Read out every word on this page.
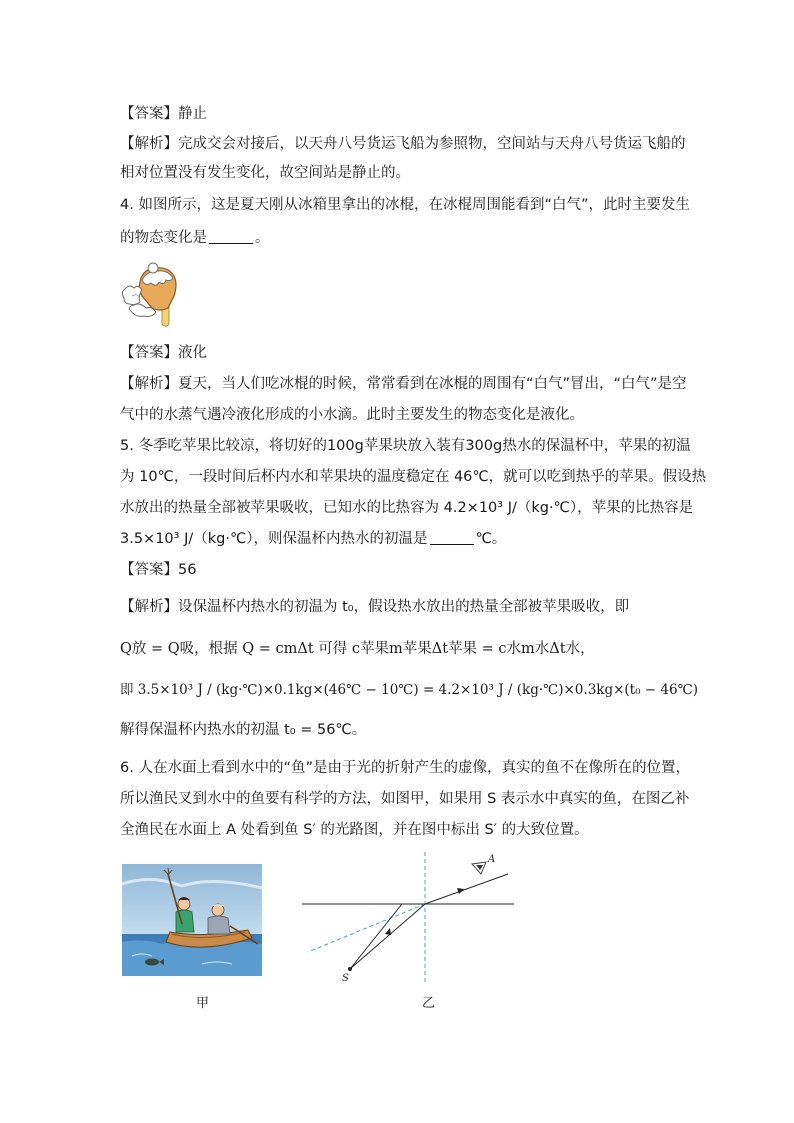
【答案】静止
【解析】完成交会对接后，以天舟八号货运飞船为参照物，空间站与天舟八号货运飞船的
相对位置没有发生变化，故空间站是静止的。
4. 如图所示，这是夏天刚从冰箱里拿出的冰棍，在冰棍周围能看到“白气”，此时主要发生
的物态变化是	。
【答案】液化
【解析】夏天，当人们吃冰棍的时候，常常看到在冰棍的周围有“白气”冒出，“白气”是空
气中的水蒸气遇冷液化形成的小水滴。此时主要发生的物态变化是液化。
5. 冬季吃苹果比较凉，将切好的100g苹果块放入装有300g热水的保温杯中，苹果的初温
为 10℃，一段时间后杯内水和苹果块的温度稳定在 46℃，就可以吃到热乎的苹果。假设热
水放出的热量全部被苹果吸收，已知水的比热容为 4.2×10³ J/（kg·℃），苹果的比热容是
3.5×10³ J/（kg·℃），则保温杯内热水的初温是	℃。
【答案】56
【解析】设保温杯内热水的初温为 t₀，假设热水放出的热量全部被苹果吸收，即
Q放 = Q吸，根据 Q = cmΔt 可得 c苹果m苹果Δt苹果 = c水m水Δt水，
即 3.5×10³ J / (kg·℃)×0.1kg×(46℃ − 10℃) = 4.2×10³ J / (kg·℃)×0.3kg×(t₀ − 46℃)
解得保温杯内热水的初温 t₀ = 56℃。
6. 人在水面上看到水中的“鱼”是由于光的折射产生的虚像，真实的鱼不在像所在的位置，
所以渔民叉到水中的鱼要有科学的方法，如图甲，如果用 S 表示水中真实的鱼，在图乙补
全渔民在水面上 A 处看到鱼 S′ 的光路图，并在图中标出 S′ 的大致位置。
甲
A
S
乙
